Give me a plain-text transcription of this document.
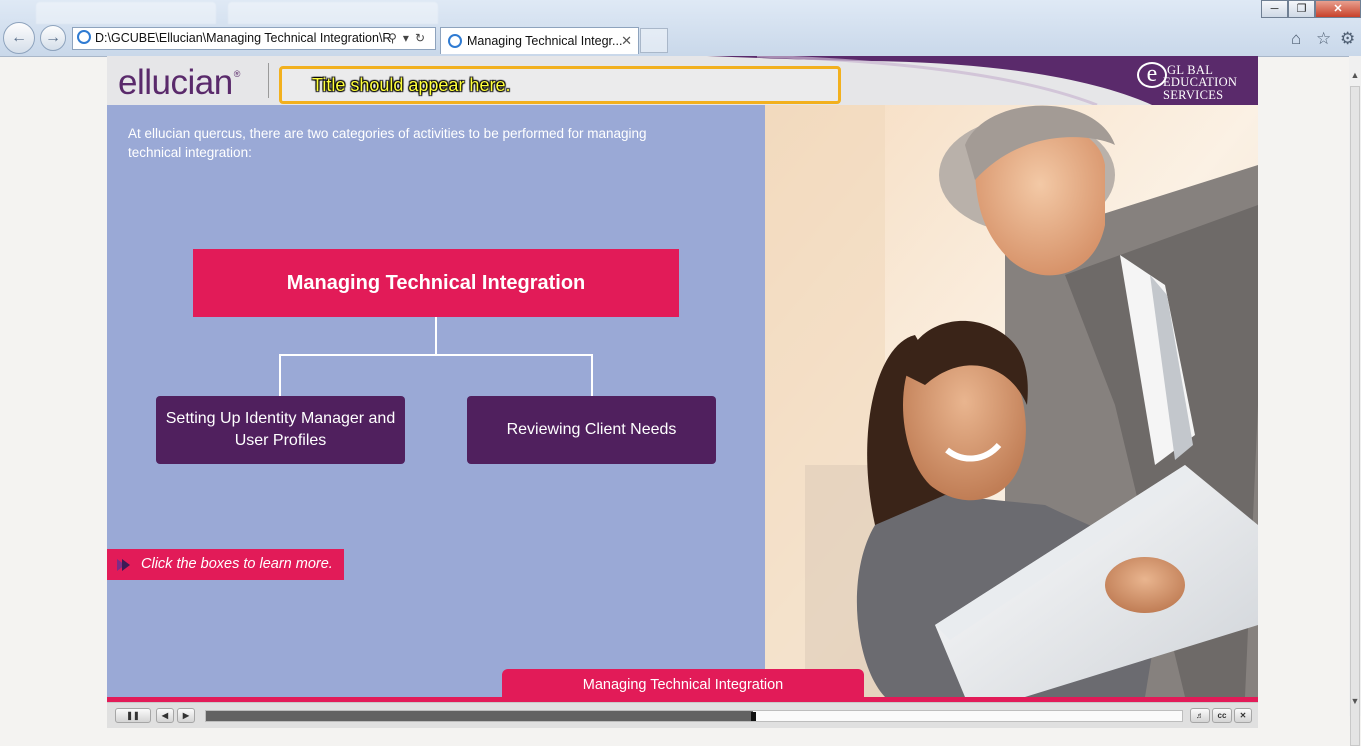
← →	D:\GCUBE\Ellucian\Managing Technical Integration\R
⚲▾↻	Managing Technical Integr...
✕
─	❐	✕
⌂ ☆ ⚙
▲
▼
ellucian®
Title should appear here.	e GL BAL
EDUCATION
SERVICES
At ellucian quercus, there are two categories of activities to be performed for managing technical integration:
Managing Technical Integration
Setting Up Identity Manager and User Profiles
Reviewing Client Needs
Click the boxes to learn more.
Managing Technical Integration
❚❚	◀	▶	♬	cc	✕
